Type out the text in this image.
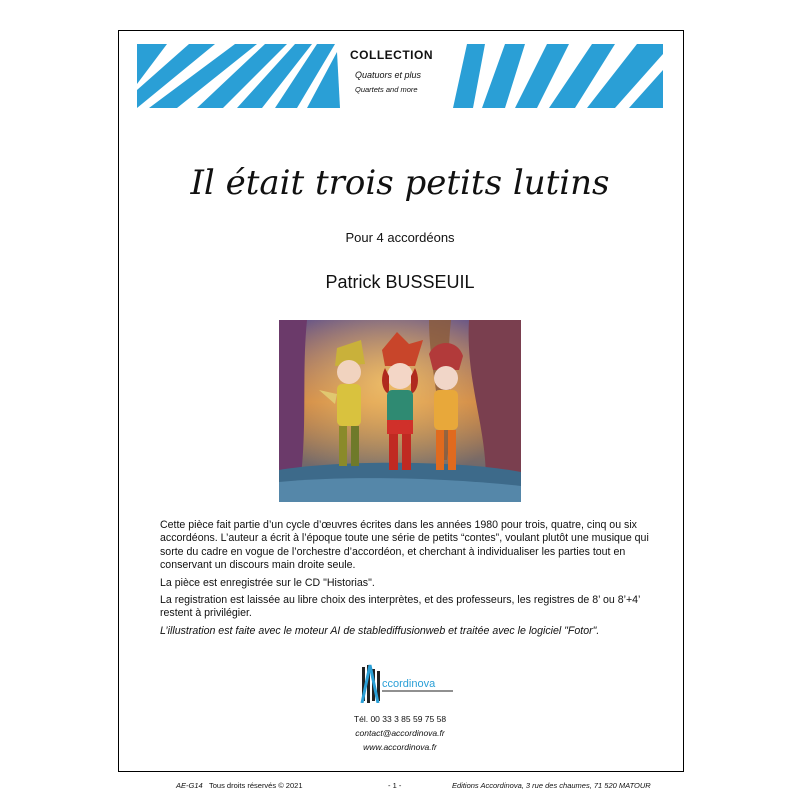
COLLECTION
Quatuors et plus
Quartets and more
Il était trois petits lutins
Pour 4 accordéons
Patrick BUSSEUIL

Cette pièce fait partie d’un cycle d’œuvres écrites dans les années 1980 pour trois, quatre, cinq ou six accordéons. L’auteur a écrit à l’époque toute une série de petits “contes”, voulant plutôt une musique qui sorte du cadre en vogue de l’orchestre d’accordéon, et cherchant à individualiser les parties tout en conservant un discours main droite seule.

La pièce est enregistrée sur le CD "Historias".

La registration est laissée au libre choix des interprètes, et des professeurs, les registres de 8’ ou 8’+4’ restent à privilégier.

L’illustration est faite avec le moteur AI de stablediffusionweb et traitée avec le logiciel "Fotor".

ccordinova
Tél. 00 33 3 85 59 75 58
contact@accordinova.fr
www.accordinova.fr
AE-G14 Tous droits réservés © 2021	- 1 -	Editions Accordinova, 3 rue des chaumes, 71 520 MATOUR
